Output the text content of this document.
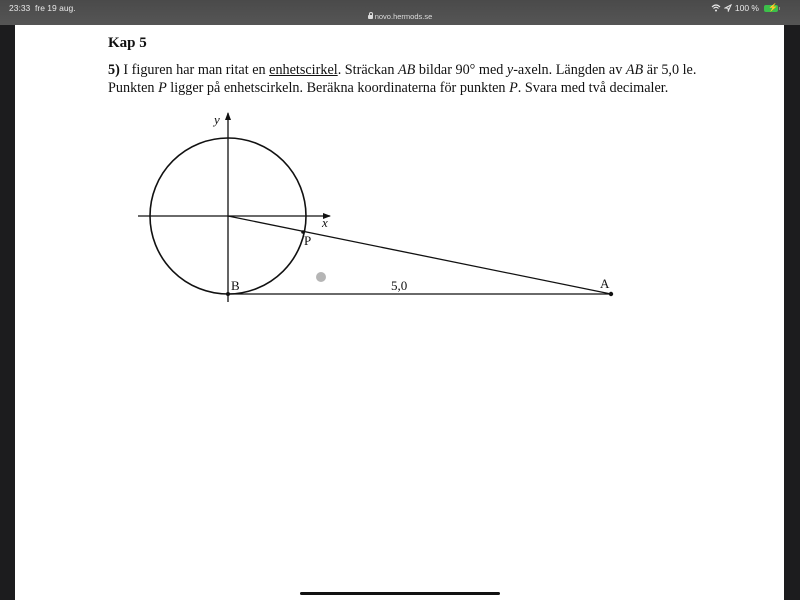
23:33 fre 19 aug.
novo.hermods.se
100 % ⚡
Kap 5
5) I figuren har man ritat en enhetscirkel. Sträckan AB bildar 90° med y-axeln. Längden av AB är 5,0 le. Punkten P ligger på enhetscirkeln. Beräkna koordinaterna för punkten P. Svara med två decimaler.
y
x
P
B	A
5,0
